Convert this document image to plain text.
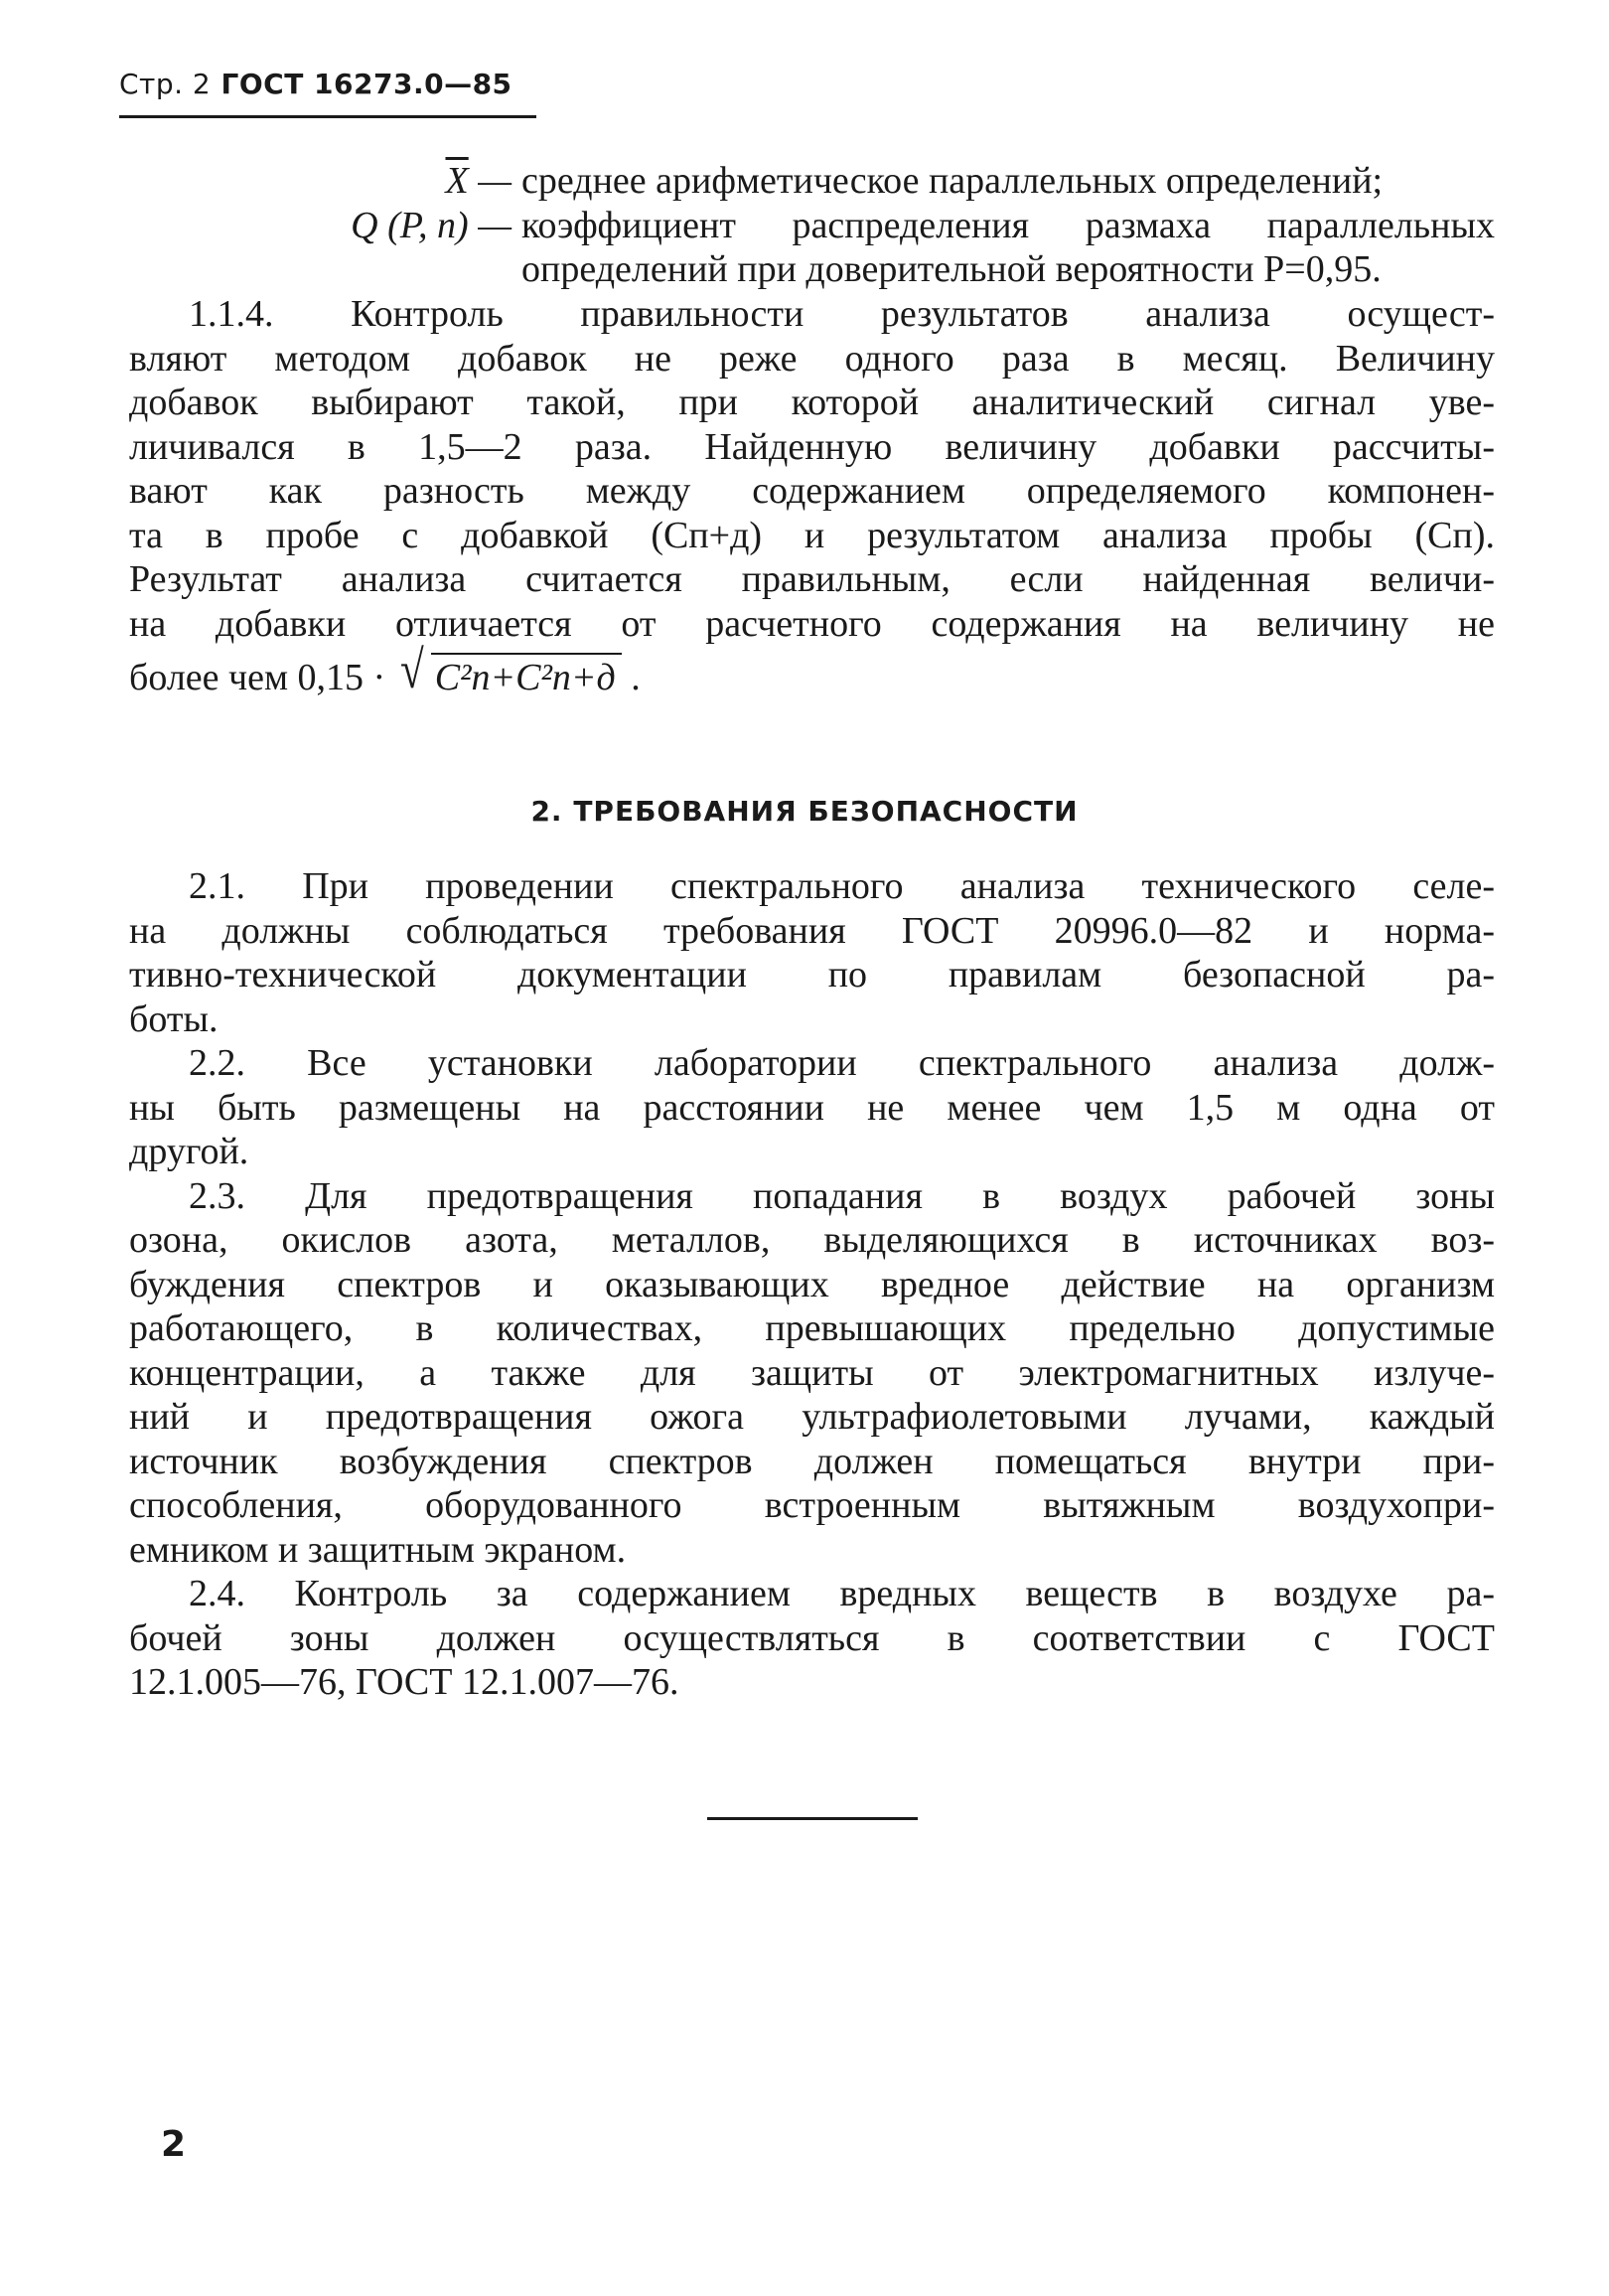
Стр. 2 ГОСТ 16273.0—85
$\overline{X}$ — среднее арифметическое параллельных определений;
Q (P, n) — коэффициент распределения размаха параллельных
определений при доверительной вероятности P=0,95.
1.1.4. Контроль правильности результатов анализа осущест-
вляют методом добавок не реже одного раза в месяц. Величину
добавок выбирают такой, при которой аналитический сигнал уве-
личивался в 1,5—2 раза. Найденную величину добавки рассчиты-
вают как разность между содержанием определяемого компонен-
та в пробе с добавкой (Сп+д) и результатом анализа пробы (Сп).
Результат анализа считается правильным, если найденная величи-
на добавки отличается от расчетного содержания на величину не
более чем 0,15 · √ C²п+C²п+д .
2. ТРЕБОВАНИЯ БЕЗОПАСНОСТИ
2.1. При проведении спектрального анализа технического селе-
на должны соблюдаться требования ГОСТ 20996.0—82 и норма-
тивно-технической документации по правилам безопасной ра-
боты.
2.2. Все установки лаборатории спектрального анализа долж-
ны быть размещены на расстоянии не менее чем 1,5 м одна от
другой.
2.3. Для предотвращения попадания в воздух рабочей зоны
озона, окислов азота, металлов, выделяющихся в источниках воз-
буждения спектров и оказывающих вредное действие на организм
работающего, в количествах, превышающих предельно допустимые
концентрации, а также для защиты от электромагнитных излуче-
ний и предотвращения ожога ультрафиолетовыми лучами, каждый
источник возбуждения спектров должен помещаться внутри при-
способления, оборудованного встроенным вытяжным воздухопри-
емником и защитным экраном.
2.4. Контроль за содержанием вредных веществ в воздухе ра-
бочей зоны должен осуществляться в соответствии с ГОСТ
12.1.005—76, ГОСТ 12.1.007—76.
2
